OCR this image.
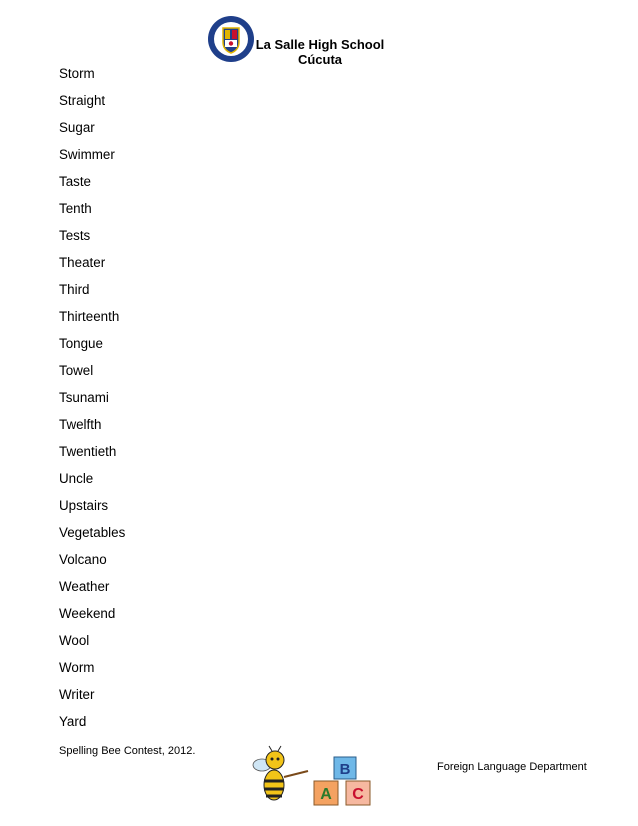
La Salle High School
Cúcuta
Storm
Straight
Sugar
Swimmer
Taste
Tenth
Tests
Theater
Third
Thirteenth
Tongue
Towel
Tsunami
Twelfth
Twentieth
Uncle
Upstairs
Vegetables
Volcano
Weather
Weekend
Wool
Worm
Writer
Yard
Spelling Bee Contest, 2012.
B
A C
Foreign Language Department
